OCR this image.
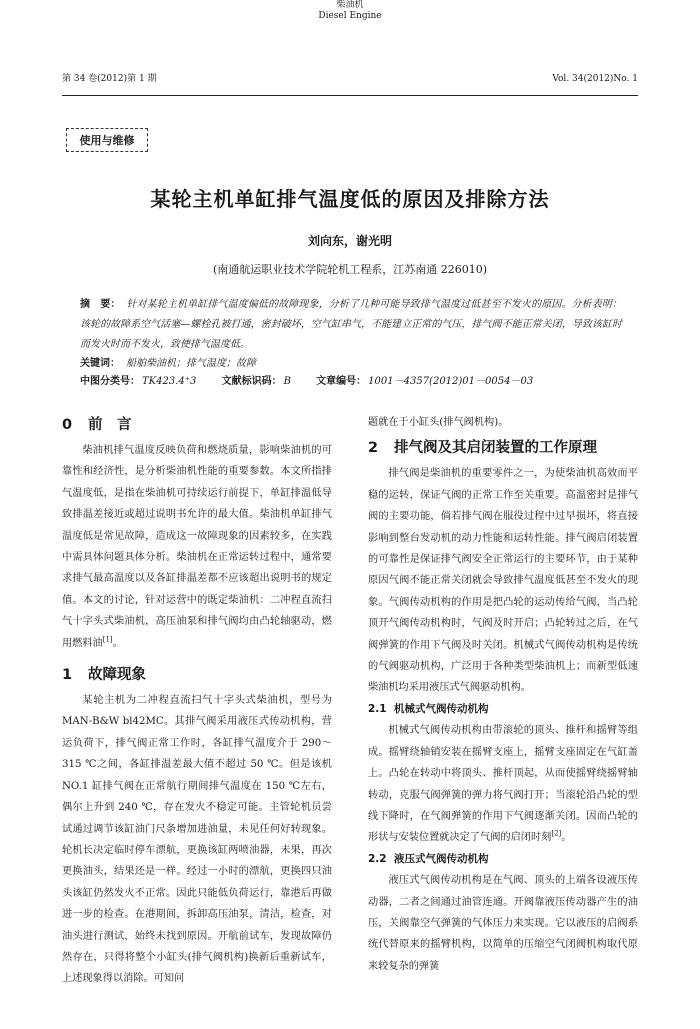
第 34 卷(2012)第 1 期
柴油机
Diesel Engine
Vol. 34(2012)No. 1
使用与维修
某轮主机单缸排气温度低的原因及排除方法
刘向东，谢光明
(南通航运职业技术学院轮机工程系，江苏南通 226010)
摘　要： 针对某轮主机单缸排气温度偏低的故障现象，分析了几种可能导致排气温度过低甚至不发火的原因。分析表明：该轮的故障系空气活塞—螺栓孔被打通，密封破坏，空气缸串气，不能建立正常的气压，排气阀不能正常关闭，导致该缸时而发火时而不发火，致使排气温度低。
关键词： 船舶柴油机；排气温度；故障
中图分类号： TK423.4⁺3	文献标识码： B	文章编号： 1001－4357(2012)01－0054－03
0 前　言

柴油机排气温度反映负荷和燃烧质量，影响柴油机的可靠性和经济性，是分析柴油机性能的重要参数。本文所指排气温度低，是指在柴油机可持续运行前提下，单缸排温低导致排温差接近或超过说明书允许的最大值。柴油机单缸排气温度低是常见故障，造成这一故障现象的因素较多，在实践中需具体问题具体分析。柴油机在正常运转过程中，通常要求排气最高温度以及各缸排温差都不应该超出说明书的规定值。本文的讨论，针对运营中的既定柴油机：二冲程直流扫气十字头式柴油机，高压油泵和排气阀均由凸轮轴驱动，燃用燃料油[1]。

1 故障现象

某轮主机为二冲程直流扫气十字头式柴油机，型号为 MAN-B&W bl42MC。其排气阀采用液压式传动机构，营运负荷下，排气阀正常工作时，各缸排气温度介于 290～315 ℃之间，各缸排温差最大值不超过 50 ℃。但是该机 NO.1 缸排气阀在正常航行期间排气温度在 150 ℃左右，偶尔上升到 240 ℃，存在发火不稳定可能。主管轮机员尝试通过调节该缸油门尺条增加进油量，未见任何好转现象。轮机长决定临时停车漂航，更换该缸两喷油器，未果，再次更换油头，结果还是一样。经过一小时的漂航，更换四只油头该缸仍然发火不正常。因此只能低负荷运行，靠港后再做进一步的检查。在港期间，拆卸高压油泵，清洁，检查，对油头进行测试，始终未找到原因。开航前试车，发现故障仍然存在，只得将整个小缸头(排气阀机构)换新后重新试车，上述现象得以消除。可知问

题就在于小缸头(排气阀机构)。

2 排气阀及其启闭装置的工作原理

排气阀是柴油机的重要零件之一，为使柴油机高效而平稳的运转，保证气阀的正常工作至关重要。高温密封是排气阀的主要功能，倘若排气阀在服役过程中过早损坏，将直接影响到整台发动机的动力性能和运转性能。排气阀启闭装置的可靠性是保证排气阀安全正常运行的主要环节，由于某种原因气阀不能正常关闭就会导致排气温度低甚至不发火的现象。气阀传动机构的作用是把凸轮的运动传给气阀，当凸轮顶开气阀传动机构时，气阀及时开启；凸轮转过之后，在气阀弹簧的作用下气阀及时关闭。机械式气阀传动机构是传统的气阀驱动机构，广泛用于各种类型柴油机上；而新型低速柴油机均采用液压式气阀驱动机构。

2.1 机械式气阀传动机构

机械式气阀传动机构由带滚轮的顶头、推杆和摇臂等组成。摇臂绕轴销安装在摇臂支座上，摇臂支座固定在气缸盖上。凸轮在转动中将顶头、推杆顶起，从而使摇臂绕摇臂轴转动，克服气阀弹簧的弹力将气阀打开；当滚轮沿凸轮的型线下降时，在气阀弹簧的作用下气阀逐渐关闭。因而凸轮的形状与安装位置就决定了气阀的启闭时刻[2]。

2.2 液压式气阀传动机构

液压式气阀传动机构是在气阀、顶头的上端各设液压传动器，二者之间通过油管连通。开阀靠液压传动器产生的油压，关阀靠空气弹簧的气体压力来实现。它以液压的启阀系统代替原来的摇臂机构，以简单的压缩空气闭阀机构取代原来较复杂的弹簧
